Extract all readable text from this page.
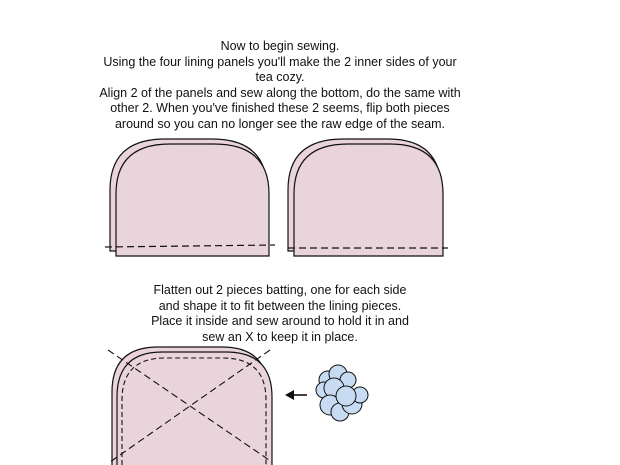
Now to begin sewing.
Using the four lining panels you'll make the 2 inner sides of your
tea cozy.
Align 2 of the panels and sew along the bottom, do the same with
other 2. When you've finished these 2 seems, flip both pieces
around so you can no longer see the raw edge of the seam.
Flatten out 2 pieces batting, one for each side
and shape it to fit between the lining pieces.
Place it inside and sew around to hold it in and
sew an X to keep it in place.
